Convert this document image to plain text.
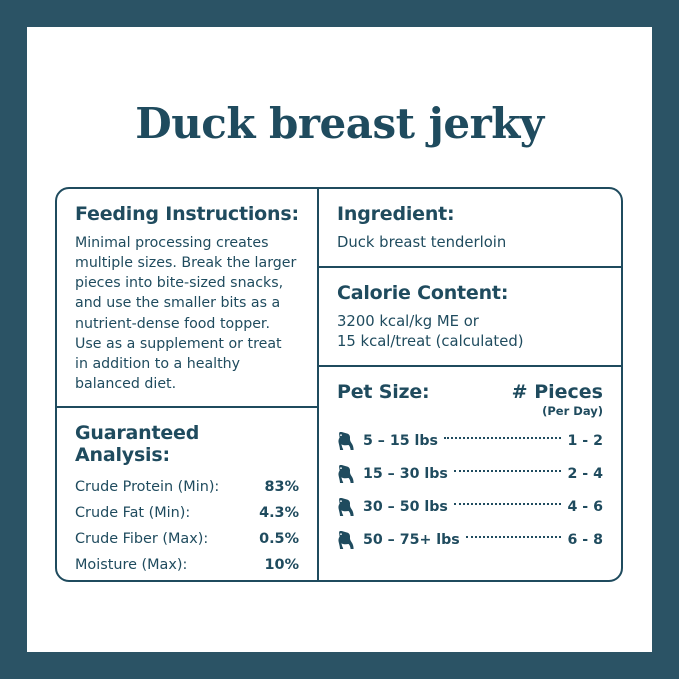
Duck breast jerky
Feeding Instructions:
Minimal processing creates multiple sizes. Break the larger pieces into bite-sized snacks, and use the smaller bits as a nutrient-dense food topper. Use as a supplement or treat in addition to a healthy balanced diet.
Guaranteed Analysis:
Crude Protein (Min):	83%
Crude Fat (Min):	4.3%
Crude Fiber (Max):	0.5%
Moisture (Max):	10%
Ingredient:
Duck breast tenderloin
Calorie Content:
3200 kcal/kg ME or
15 kcal/treat (calculated)
Pet Size:	# Pieces
(Per Day)
5 – 15 lbs	1 - 2
15 – 30 lbs	2 - 4
30 – 50 lbs	4 - 6
50 – 75+ lbs	6 - 8
